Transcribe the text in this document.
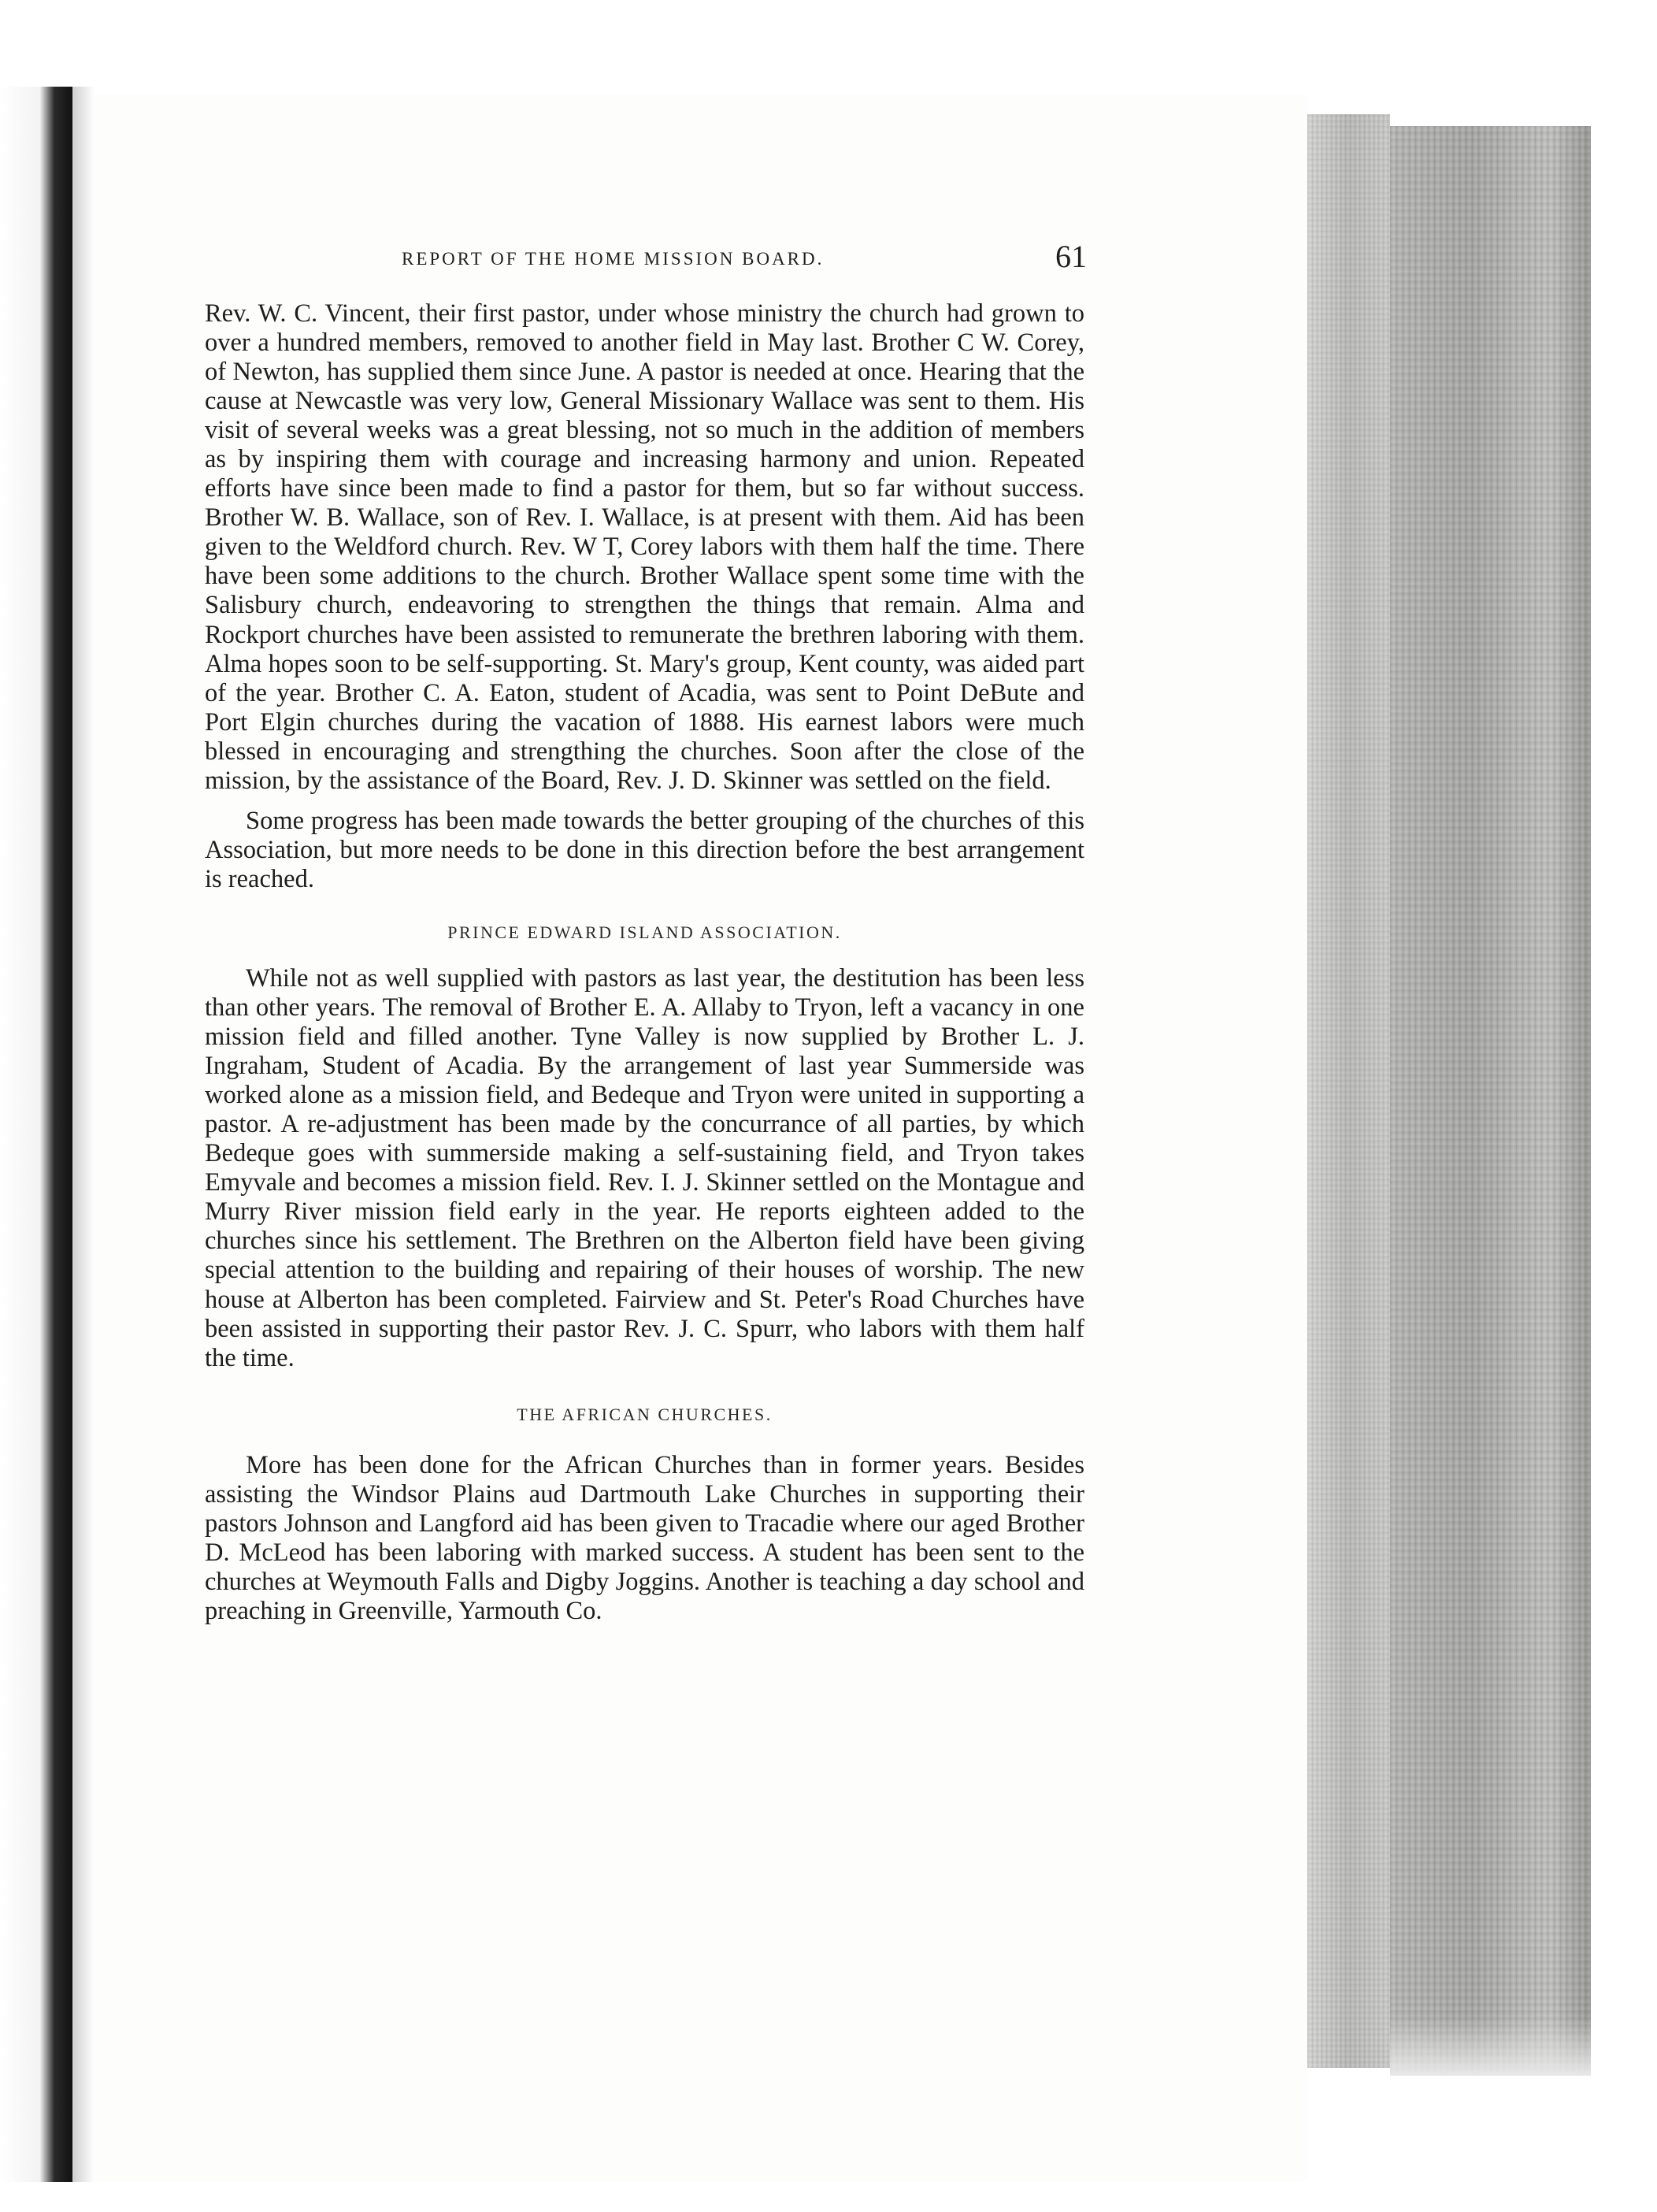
REPORT OF THE HOME MISSION BOARD.	61

Rev. W. C. Vincent, their first pastor, under whose ministry the church had grown to over a hundred members, removed to another field in May last. Brother C W. Corey, of Newton, has supplied them since June. A pastor is needed at once. Hearing that the cause at Newcastle was very low, General Missionary Wallace was sent to them. His visit of several weeks was a great blessing, not so much in the addition of members as by inspiring them with courage and increasing harmony and union. Repeated efforts have since been made to find a pastor for them, but so far without success. Brother W. B. Wallace, son of Rev. I. Wallace, is at present with them. Aid has been given to the Weldford church. Rev. W T, Corey labors with them half the time. There have been some additions to the church. Brother Wallace spent some time with the Salisbury church, endeavoring to strengthen the things that remain. Alma and Rockport churches have been assisted to remunerate the brethren laboring with them. Alma hopes soon to be self-supporting. St. Mary's group, Kent county, was aided part of the year. Brother C. A. Eaton, student of Acadia, was sent to Point DeBute and Port Elgin churches during the vacation of 1888. His earnest labors were much blessed in encouraging and strengthing the churches. Soon after the close of the mission, by the assistance of the Board, Rev. J. D. Skinner was settled on the field.

Some progress has been made towards the better grouping of the churches of this Association, but more needs to be done in this direction before the best arrangement is reached.

PRINCE EDWARD ISLAND ASSOCIATION.

While not as well supplied with pastors as last year, the destitution has been less than other years. The removal of Brother E. A. Allaby to Tryon, left a vacancy in one mission field and filled another. Tyne Valley is now supplied by Brother L. J. Ingraham, Student of Acadia. By the arrangement of last year Summerside was worked alone as a mission field, and Bedeque and Tryon were united in supporting a pastor. A re-adjustment has been made by the concurrance of all parties, by which Bedeque goes with summerside making a self-sustaining field, and Tryon takes Emyvale and becomes a mission field. Rev. I. J. Skinner settled on the Montague and Murry River mission field early in the year. He reports eighteen added to the churches since his settlement. The Brethren on the Alberton field have been giving special attention to the building and repairing of their houses of worship. The new house at Alberton has been completed. Fairview and St. Peter's Road Churches have been assisted in supporting their pastor Rev. J. C. Spurr, who labors with them half the time.

THE AFRICAN CHURCHES.

More has been done for the African Churches than in former years. Besides assisting the Windsor Plains aud Dartmouth Lake Churches in supporting their pastors Johnson and Langford aid has been given to Tracadie where our aged Brother D. McLeod has been laboring with marked success. A student has been sent to the churches at Weymouth Falls and Digby Joggins. Another is teaching a day school and preaching in Greenville, Yarmouth Co.
